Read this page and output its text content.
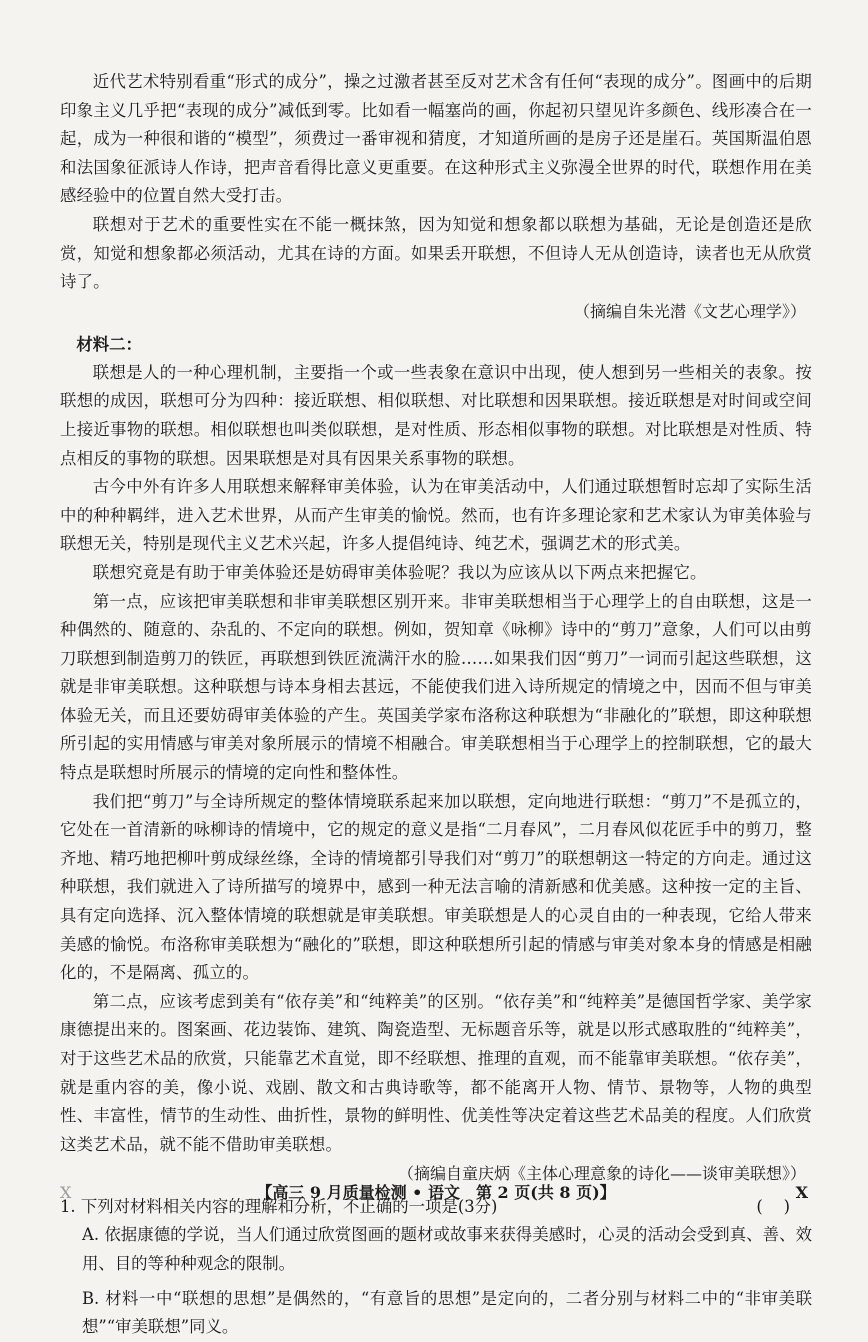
近代艺术特别看重“形式的成分”，操之过激者甚至反对艺术含有任何“表现的成分”。图画中的后期印象主义几乎把“表现的成分”减低到零。比如看一幅塞尚的画，你起初只望见许多颜色、线形凑合在一起，成为一种很和谐的“模型”，须费过一番审视和猜度，才知道所画的是房子还是崖石。英国斯温伯恩和法国象征派诗人作诗，把声音看得比意义更重要。在这种形式主义弥漫全世界的时代，联想作用在美感经验中的位置自然大受打击。

联想对于艺术的重要性实在不能一概抹煞，因为知觉和想象都以联想为基础，无论是创造还是欣赏，知觉和想象都必须活动，尤其在诗的方面。如果丢开联想，不但诗人无从创造诗，读者也无从欣赏诗了。

（摘编自朱光潜《文艺心理学》）

材料二：

联想是人的一种心理机制，主要指一个或一些表象在意识中出现，使人想到另一些相关的表象。按联想的成因，联想可分为四种：接近联想、相似联想、对比联想和因果联想。接近联想是对时间或空间上接近事物的联想。相似联想也叫类似联想，是对性质、形态相似事物的联想。对比联想是对性质、特点相反的事物的联想。因果联想是对具有因果关系事物的联想。

古今中外有许多人用联想来解释审美体验，认为在审美活动中，人们通过联想暂时忘却了实际生活中的种种羁绊，进入艺术世界，从而产生审美的愉悦。然而，也有许多理论家和艺术家认为审美体验与联想无关，特别是现代主义艺术兴起，许多人提倡纯诗、纯艺术，强调艺术的形式美。

联想究竟是有助于审美体验还是妨碍审美体验呢？我以为应该从以下两点来把握它。

第一点，应该把审美联想和非审美联想区别开来。非审美联想相当于心理学上的自由联想，这是一种偶然的、随意的、杂乱的、不定向的联想。例如，贺知章《咏柳》诗中的“剪刀”意象，人们可以由剪刀联想到制造剪刀的铁匠，再联想到铁匠流满汗水的脸……如果我们因“剪刀”一词而引起这些联想，这就是非审美联想。这种联想与诗本身相去甚远，不能使我们进入诗所规定的情境之中，因而不但与审美体验无关，而且还要妨碍审美体验的产生。英国美学家布洛称这种联想为“非融化的”联想，即这种联想所引起的实用情感与审美对象所展示的情境不相融合。审美联想相当于心理学上的控制联想，它的最大特点是联想时所展示的情境的定向性和整体性。

我们把“剪刀”与全诗所规定的整体情境联系起来加以联想，定向地进行联想：“剪刀”不是孤立的，它处在一首清新的咏柳诗的情境中，它的规定的意义是指“二月春风”，二月春风似花匠手中的剪刀，整齐地、精巧地把柳叶剪成绿丝绦，全诗的情境都引导我们对“剪刀”的联想朝这一特定的方向走。通过这种联想，我们就进入了诗所描写的境界中，感到一种无法言喻的清新感和优美感。这种按一定的主旨、具有定向选择、沉入整体情境的联想就是审美联想。审美联想是人的心灵自由的一种表现，它给人带来美感的愉悦。布洛称审美联想为“融化的”联想，即这种联想所引起的情感与审美对象本身的情感是相融化的，不是隔离、孤立的。

第二点，应该考虑到美有“依存美”和“纯粹美”的区别。“依存美”和“纯粹美”是德国哲学家、美学家康德提出来的。图案画、花边装饰、建筑、陶瓷造型、无标题音乐等，就是以形式感取胜的“纯粹美”，对于这些艺术品的欣赏，只能靠艺术直觉，即不经联想、推理的直观，而不能靠审美联想。“依存美”，就是重内容的美，像小说、戏剧、散文和古典诗歌等，都不能离开人物、情节、景物等，人物的典型性、丰富性，情节的生动性、曲折性，景物的鲜明性、优美性等决定着这些艺术品美的程度。人们欣赏这类艺术品，就不能不借助审美联想。

（摘编自童庆炳《主体心理意象的诗化——谈审美联想》）

1. 下列对材料相关内容的理解和分析，不正确的一项是(3分)	(    )

A. 依据康德的学说，当人们通过欣赏图画的题材或故事来获得美感时，心灵的活动会受到真、善、效用、目的等种种观念的限制。

B. 材料一中“联想的思想”是偶然的，“有意旨的思想”是定向的，二者分别与材料二中的“非审美联想”“审美联想”同义。

X	【高三 9 月质量检测 • 语文　第 2 页(共 8 页)】	X
